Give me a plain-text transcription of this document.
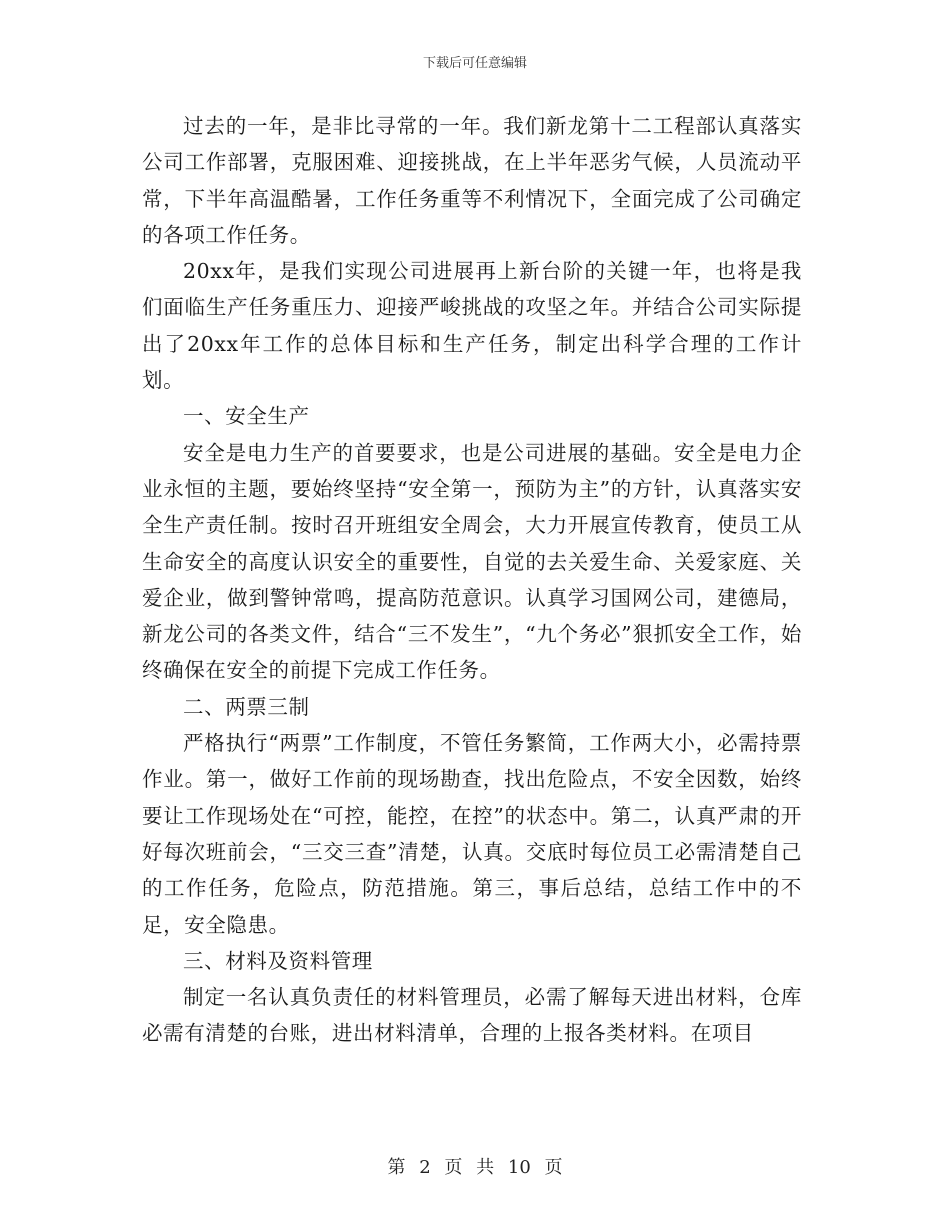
下载后可任意编辑

过去的一年，是非比寻常的一年。我们新龙第十二工程部认真落实公司工作部署，克服困难、迎接挑战，在上半年恶劣气候，人员流动平常，下半年高温酷暑，工作任务重等不利情况下，全面完成了公司确定的各项工作任务。

20xx年，是我们实现公司进展再上新台阶的关键一年，也将是我们面临生产任务重压力、迎接严峻挑战的攻坚之年。并结合公司实际提出了20xx年工作的总体目标和生产任务，制定出科学合理的工作计划。

一、安全生产

安全是电力生产的首要要求，也是公司进展的基础。安全是电力企业永恒的主题，要始终坚持“安全第一，预防为主”的方针，认真落实安全生产责任制。按时召开班组安全周会，大力开展宣传教育，使员工从生命安全的高度认识安全的重要性，自觉的去关爱生命、关爱家庭、关爱企业，做到警钟常鸣，提高防范意识。认真学习国网公司，建德局，新龙公司的各类文件，结合“三不发生”，“九个务必”狠抓安全工作，始终确保在安全的前提下完成工作任务。

二、两票三制

严格执行“两票”工作制度，不管任务繁简，工作两大小，必需持票作业。第一，做好工作前的现场勘查，找出危险点，不安全因数，始终要让工作现场处在“可控，能控，在控”的状态中。第二，认真严肃的开好每次班前会，“三交三查”清楚，认真。交底时每位员工必需清楚自己的工作任务，危险点，防范措施。第三，事后总结，总结工作中的不足，安全隐患。

三、材料及资料管理

制定一名认真负责任的材料管理员，必需了解每天进出材料，仓库必需有清楚的台账，进出材料清单，合理的上报各类材料。在项目

第 2 页 共 10 页
